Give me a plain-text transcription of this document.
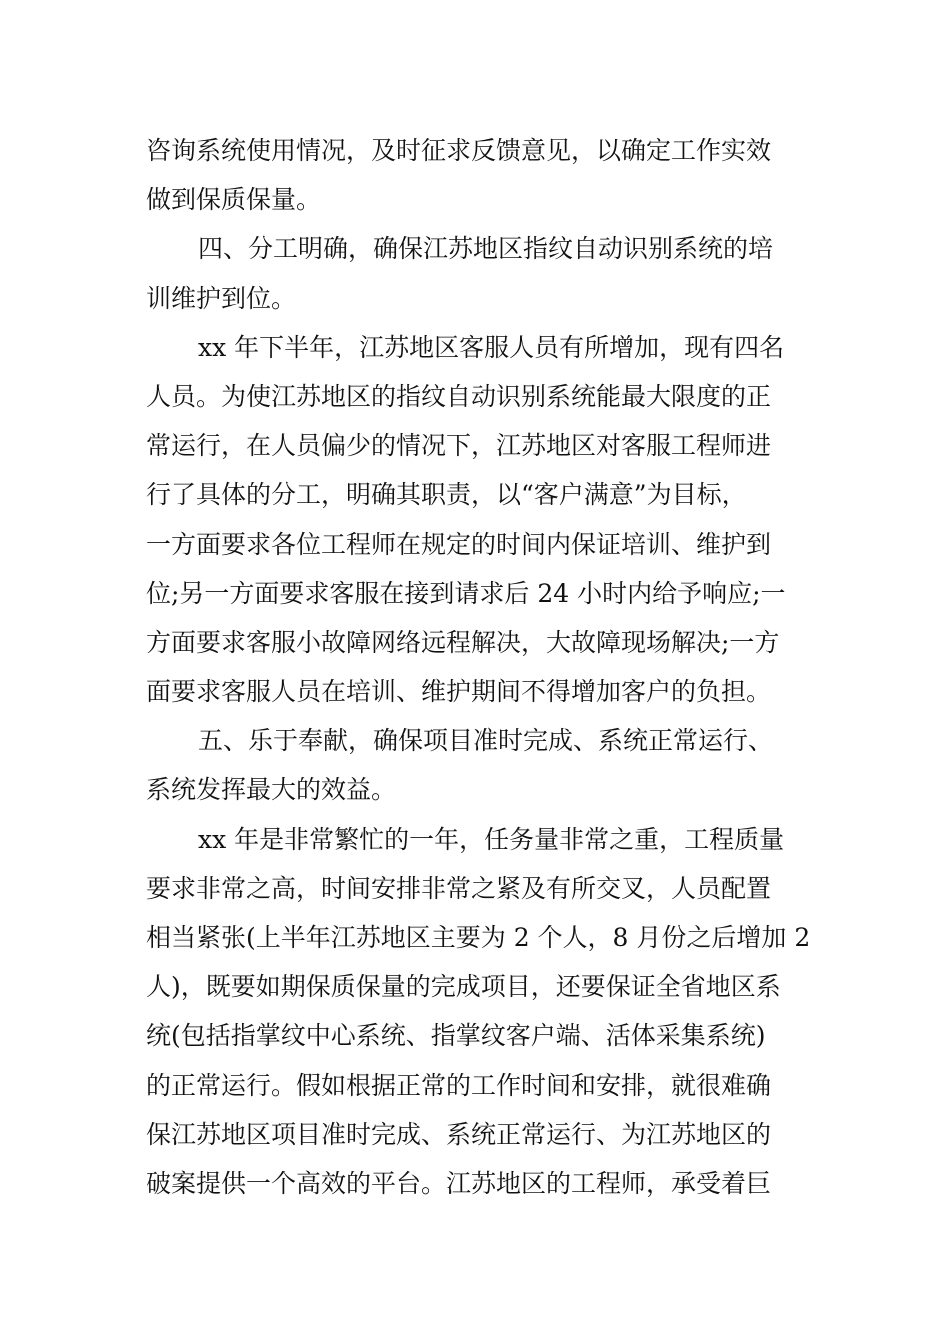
咨询系统使用情况，及时征求反馈意见，以确定工作实效
做到保质保量。
四、分工明确，确保江苏地区指纹自动识别系统的培
训维护到位。
xx 年下半年，江苏地区客服人员有所增加，现有四名
人员。为使江苏地区的指纹自动识别系统能最大限度的正
常运行，在人员偏少的情况下，江苏地区对客服工程师进
行了具体的分工，明确其职责，以“客户满意”为目标，
一方面要求各位工程师在规定的时间内保证培训、维护到
位;另一方面要求客服在接到请求后 24 小时内给予响应;一
方面要求客服小故障网络远程解决，大故障现场解决;一方
面要求客服人员在培训、维护期间不得增加客户的负担。
五、乐于奉献，确保项目准时完成、系统正常运行、
系统发挥最大的效益。
xx 年是非常繁忙的一年，任务量非常之重，工程质量
要求非常之高，时间安排非常之紧及有所交叉，人员配置
相当紧张(上半年江苏地区主要为 2 个人，8 月份之后增加 2
人)，既要如期保质保量的完成项目，还要保证全省地区系
统(包括指掌纹中心系统、指掌纹客户端、活体采集系统)
的正常运行。假如根据正常的工作时间和安排，就很难确
保江苏地区项目准时完成、系统正常运行、为江苏地区的
破案提供一个高效的平台。江苏地区的工程师，承受着巨
